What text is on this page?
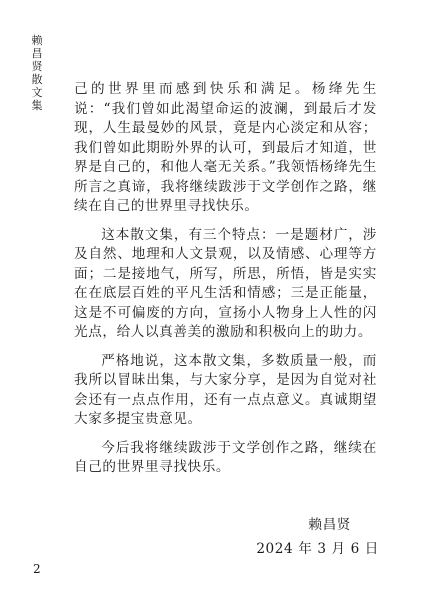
赖昌贤散文集

己的世界里而感到快乐和满足。杨绛先生说：“我们曾如此渴望命运的波澜，到最后才发现，人生最曼妙的风景，竟是内心淡定和从容；我们曾如此期盼外界的认可，到最后才知道，世界是自己的，和他人毫无关系。”我领悟杨绛先生所言之真谛，我将继续跋涉于文学创作之路，继续在自己的世界里寻找快乐。

这本散文集，有三个特点：一是题材广，涉及自然、地理和人文景观，以及情感、心理等方面；二是接地气，所写，所思，所悟，皆是实实在在底层百姓的平凡生活和情感；三是正能量，这是不可偏废的方向，宣扬小人物身上人性的闪光点，给人以真善美的激励和积极向上的助力。

严格地说，这本散文集，多数质量一般，而我所以冒昧出集，与大家分享，是因为自觉对社会还有一点点作用，还有一点点意义。真诚期望大家多提宝贵意见。

今后我将继续跋涉于文学创作之路，继续在自己的世界里寻找快乐。

赖昌贤
2024 年 3 月 6 日
2
